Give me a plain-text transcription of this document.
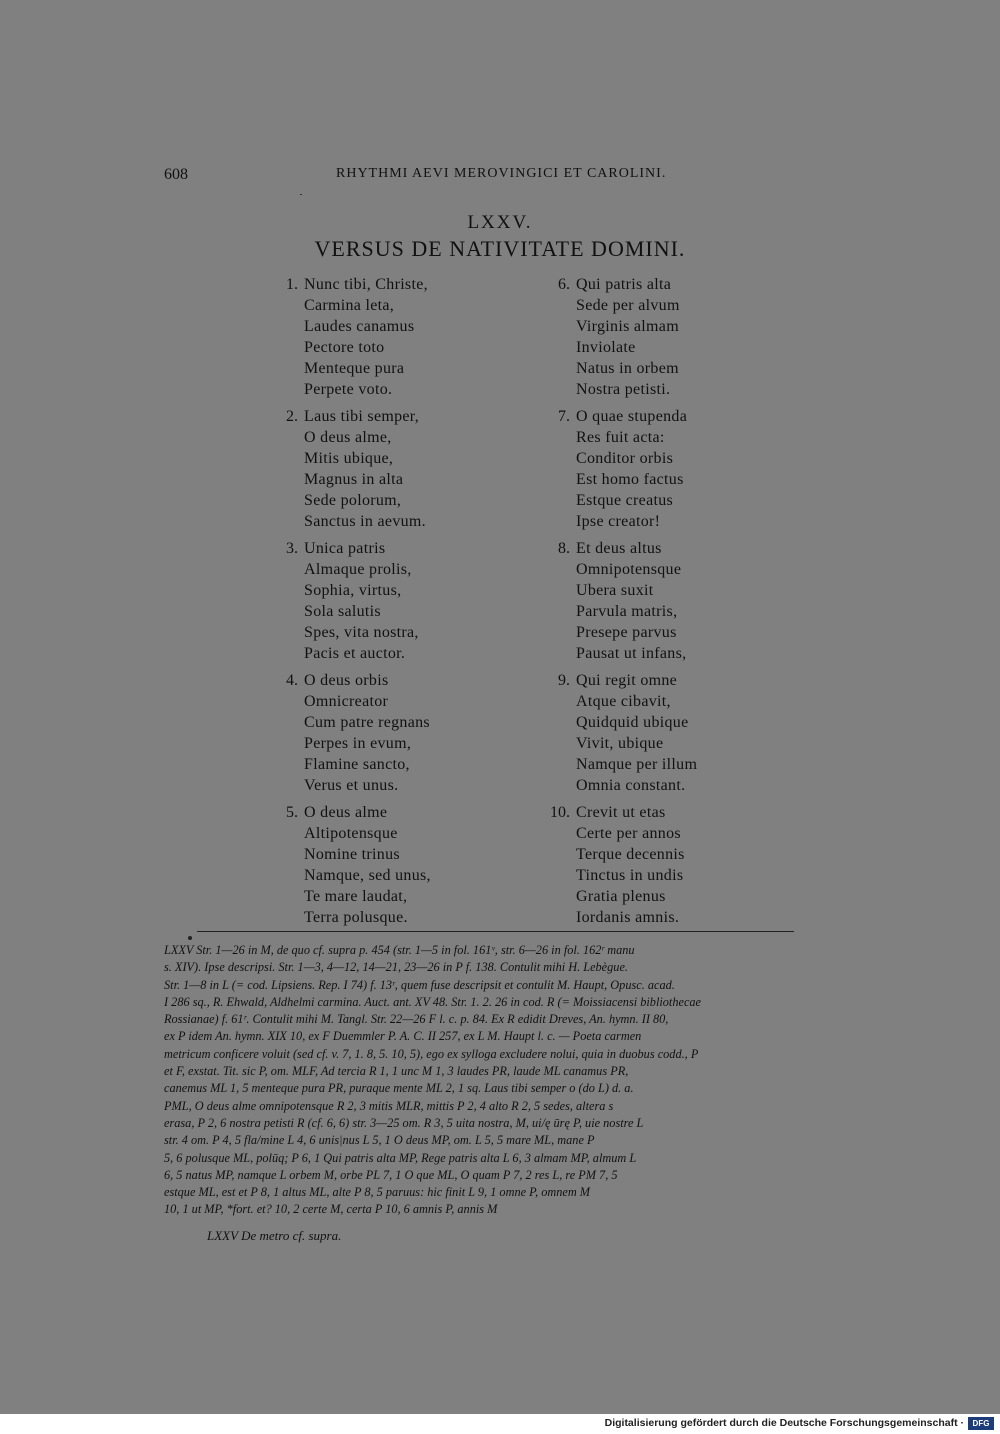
608	RHYTHMI AEVI MEROVINGICI ET CAROLINI.
LXXV.
VERSUS DE NATIVITATE DOMINI.
1. Nunc tibi, Christe,
Carmina leta,
Laudes canamus
Pectore toto
Menteque pura
Perpete voto.
2. Laus tibi semper,
O deus alme,
Mitis ubique,
Magnus in alta
Sede polorum,
Sanctus in aevum.
3. Unica patris
Almaque prolis,
Sophia, virtus,
Sola salutis
Spes, vita nostra,
Pacis et auctor.
4. O deus orbis
Omnicreator
Cum patre regnans
Perpes in evum,
Flamine sancto,
Verus et unus.
5. O deus alme
Altipotensque
Nomine trinus
Namque, sed unus,
Te mare laudat,
Terra polusque.
6. Qui patris alta
Sede per alvum
Virginis almam
Inviolate
Natus in orbem
Nostra petisti.
7. O quae stupenda
Res fuit acta:
Conditor orbis
Est homo factus
Estque creatus
Ipse creator!
8. Et deus altus
Omnipotensque
Ubera suxit
Parvula matris,
Presepe parvus
Pausat ut infans,
9. Qui regit omne
Atque cibavit,
Quidquid ubique
Vivit, ubique
Namque per illum
Omnia constant.
10. Crevit ut etas
Certe per annos
Terque decennis
Tinctus in undis
Gratia plenus
Iordanis amnis.
LXXV Str. 1—26 in M, de quo cf. supra p. 454 (str. 1—5 in fol. 161ᵛ, str. 6—26 in fol. 162ʳ manu
s. XIV). Ipse descripsi. Str. 1—3, 4—12, 14—21, 23—26 in P f. 138. Contulit mihi H. Lebègue.
Str. 1—8 in L (= cod. Lipsiens. Rep. I 74) f. 13ʳ, quem fuse descripsit et contulit M. Haupt, Opusc. acad.
I 286 sq., R. Ehwald, Aldhelmi carmina. Auct. ant. XV 48. Str. 1. 2. 26 in cod. R (= Moissiacensi bibliothecae
Rossianae) f. 61ʳ. Contulit mihi M. Tangl. Str. 22—26 F l. c. p. 84. Ex R edidit Dreves, An. hymn. II 80,
ex P idem An. hymn. XIX 10, ex F Duemmler P. A. C. II 257, ex L M. Haupt l. c. — Poeta carmen
metricum conficere voluit (sed cf. v. 7, 1. 8, 5. 10, 5), ego ex sylloga excludere nolui, quia in duobus codd., P
et F, exstat. Tit. sic P, om. MLF, Ad tercia R 1, 1 unc M 1, 3 laudes PR, laude ML canamus PR,
canemus ML 1, 5 menteque pura PR, puraque mente ML 2, 1 sq. Laus tibi semper o (do L) d. a.
PML, O deus alme omnipotensque R 2, 3 mitis MLR, mittis P 2, 4 alto R 2, 5 sedes, altera s
erasa, P 2, 6 nostra petisti R (cf. 6, 6) str. 3—25 om. R 3, 5 uita nostra, M, ui/ę ūrę P, uie nostre L
str. 4 om. P 4, 5 fla/mine L 4, 6 unis|nus L 5, 1 O deus MP, om. L 5, 5 mare ML, mane P
5, 6 polusque ML, polūq; P 6, 1 Qui patris alta MP, Rege patris alta L 6, 3 almam MP, almum L
6, 5 natus MP, namque L orbem M, orbe PL 7, 1 O que ML, O quam P 7, 2 res L, re PM 7, 5
estque ML, est et P 8, 1 altus ML, alte P 8, 5 paruus: hic finit L 9, 1 omne P, omnem M
10, 1 ut MP, *fort. et? 10, 2 certe M, certa P 10, 6 amnis P, annis M
LXXV De metro cf. supra.
Digitalisierung gefördert durch die Deutsche Forschungsgemeinschaft ·	DFG
